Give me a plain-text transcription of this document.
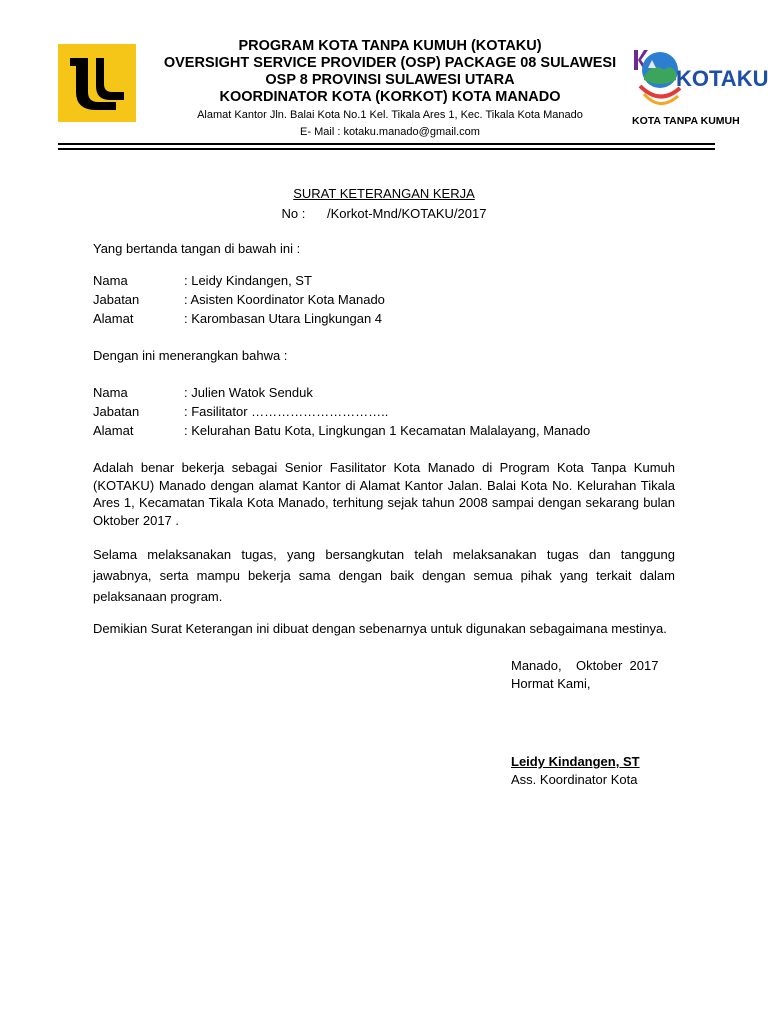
PROGRAM KOTA TANPA KUMUH (KOTAKU)
OVERSIGHT SERVICE PROVIDER (OSP) PACKAGE 08 SULAWESI
OSP 8 PROVINSI SULAWESI UTARA
KOORDINATOR KOTA (KORKOT) KOTA MANADO
Alamat Kantor Jln. Balai Kota No.1 Kel. Tikala Ares 1, Kec. Tikala Kota Manado
E- Mail : kotaku.manado@gmail.com
KOTAKU
KOTA TANPA KUMUH
SURAT KETERANGAN KERJA
No :      /Korkot-Mnd/KOTAKU/2017
Yang bertanda tangan di bawah ini :
Nama	: Leidy Kindangen, ST
Jabatan	: Asisten Koordinator Kota Manado
Alamat	: Karombasan Utara Lingkungan 4
Dengan ini menerangkan bahwa :
Nama	: Julien Watok Senduk
Jabatan	: Fasilitator …………………………..
Alamat	: Kelurahan Batu Kota, Lingkungan 1 Kecamatan Malalayang, Manado
Adalah benar bekerja sebagai Senior Fasilitator Kota Manado di Program Kota Tanpa Kumuh (KOTAKU) Manado dengan alamat Kantor di Alamat Kantor Jalan. Balai Kota No. Kelurahan Tikala Ares 1, Kecamatan Tikala Kota Manado, terhitung sejak tahun 2008 sampai dengan sekarang bulan Oktober 2017 .
Selama melaksanakan tugas, yang bersangkutan telah melaksanakan tugas dan tanggung jawabnya, serta mampu bekerja sama dengan baik dengan semua pihak yang terkait dalam pelaksanaan program.
Demikian Surat Keterangan ini dibuat dengan sebenarnya untuk digunakan sebagaimana mestinya.
Manado,    Oktober  2017
Hormat Kami,
Leidy Kindangen, ST
Ass. Koordinator Kota
